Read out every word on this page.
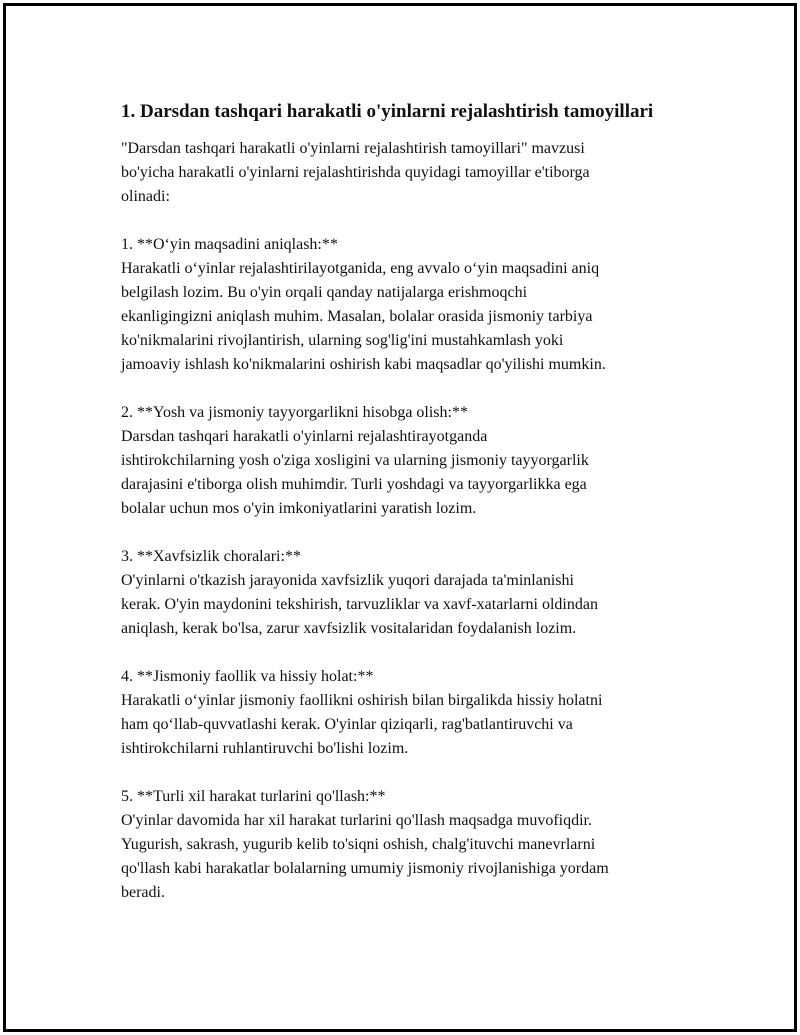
1. Darsdan tashqari harakatli o'yinlarni rejalashtirish tamoyillari

"Darsdan tashqari harakatli o'yinlarni rejalashtirish tamoyillari" mavzusi
bo'yicha harakatli o'yinlarni rejalashtirishda quyidagi tamoyillar e'tiborga
olinadi:

1. **O‘yin maqsadini aniqlash:**

Harakatli o‘yinlar rejalashtirilayotganida, eng avvalo o‘yin maqsadini aniq
belgilash lozim. Bu o'yin orqali qanday natijalarga erishmoqchi
ekanligingizni aniqlash muhim. Masalan, bolalar orasida jismoniy tarbiya
ko'nikmalarini rivojlantirish, ularning sog'lig'ini mustahkamlash yoki
jamoaviy ishlash ko'nikmalarini oshirish kabi maqsadlar qo'yilishi mumkin.

2. **Yosh va jismoniy tayyorgarlikni hisobga olish:**

Darsdan tashqari harakatli o'yinlarni rejalashtirayotganda
ishtirokchilarning yosh o'ziga xosligini va ularning jismoniy tayyorgarlik
darajasini e'tiborga olish muhimdir. Turli yoshdagi va tayyorgarlikka ega
bolalar uchun mos o'yin imkoniyatlarini yaratish lozim.

3. **Xavfsizlik choralari:**

O'yinlarni o'tkazish jarayonida xavfsizlik yuqori darajada ta'minlanishi
kerak. O'yin maydonini tekshirish, tarvuzliklar va xavf-xatarlarni oldindan
aniqlash, kerak bo'lsa, zarur xavfsizlik vositalaridan foydalanish lozim.

4. **Jismoniy faollik va hissiy holat:**

Harakatli o‘yinlar jismoniy faollikni oshirish bilan birgalikda hissiy holatni
ham qo‘llab-quvvatlashi kerak. O'yinlar qiziqarli, rag'batlantiruvchi va
ishtirokchilarni ruhlantiruvchi bo'lishi lozim.

5. **Turli xil harakat turlarini qo'llash:**

O'yinlar davomida har xil harakat turlarini qo'llash maqsadga muvofiqdir.
Yugurish, sakrash, yugurib kelib to'siqni oshish, chalg'ituvchi manevrlarni
qo'llash kabi harakatlar bolalarning umumiy jismoniy rivojlanishiga yordam
beradi.
